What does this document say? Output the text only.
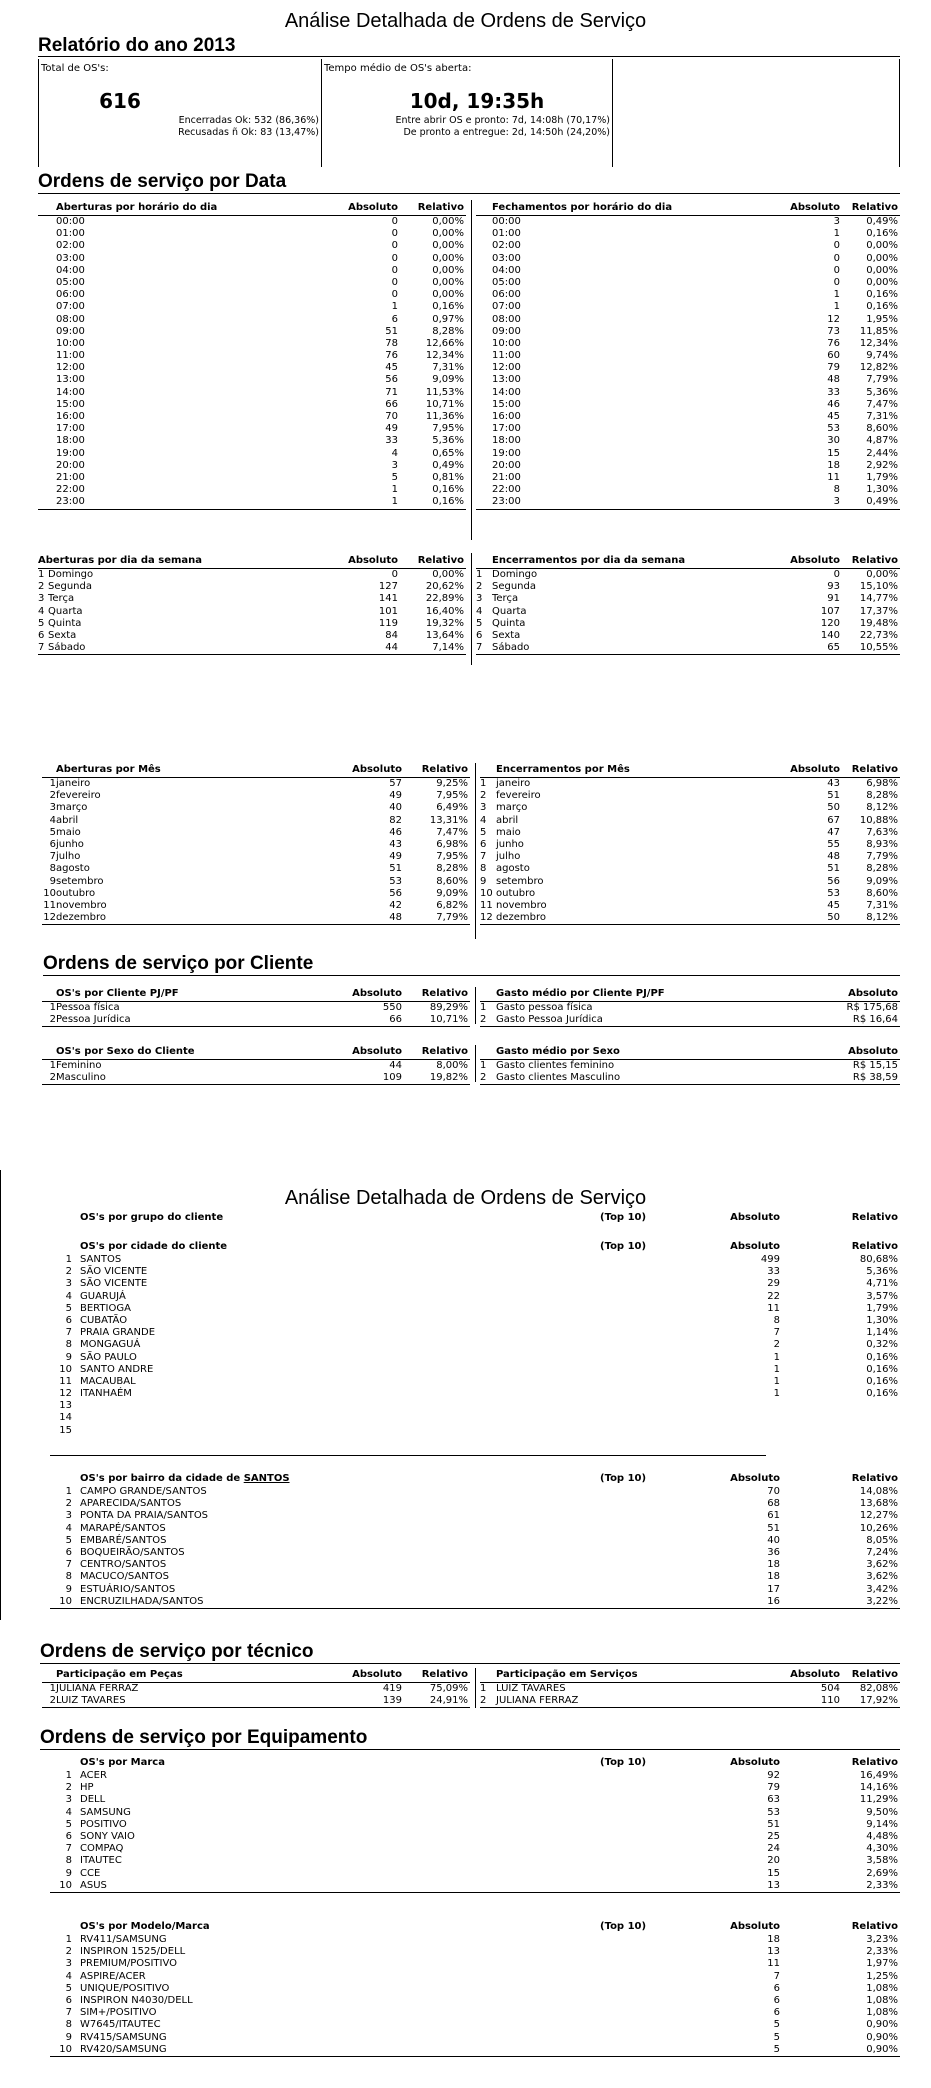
Análise Detalhada de Ordens de Serviço
Relatório do ano 2013
Total de OS's:
616
Encerradas Ok: 532 (86,36%)
Recusadas ñ Ok: 83 (13,47%)
Tempo médio de OS's aberta:
10d, 19:35h
Entre abrir OS e pronto: 7d, 14:08h (70,17%)
De pronto a entregue: 2d, 14:50h (24,20%)
Ordens de serviço por Data
Aberturas por horário do dia	Absoluto	Relativo
00:00	0	0,00%
01:00	0	0,00%
02:00	0	0,00%
03:00	0	0,00%
04:00	0	0,00%
05:00	0	0,00%
06:00	0	0,00%
07:00	1	0,16%
08:00	6	0,97%
09:00	51	8,28%
10:00	78	12,66%
11:00	76	12,34%
12:00	45	7,31%
13:00	56	9,09%
14:00	71	11,53%
15:00	66	10,71%
16:00	70	11,36%
17:00	49	7,95%
18:00	33	5,36%
19:00	4	0,65%
20:00	3	0,49%
21:00	5	0,81%
22:00	1	0,16%
23:00	1	0,16%
Fechamentos por horário do dia	Absoluto	Relativo
00:00	3	0,49%
01:00	1	0,16%
02:00	0	0,00%
03:00	0	0,00%
04:00	0	0,00%
05:00	0	0,00%
06:00	1	0,16%
07:00	1	0,16%
08:00	12	1,95%
09:00	73	11,85%
10:00	76	12,34%
11:00	60	9,74%
12:00	79	12,82%
13:00	48	7,79%
14:00	33	5,36%
15:00	46	7,47%
16:00	45	7,31%
17:00	53	8,60%
18:00	30	4,87%
19:00	15	2,44%
20:00	18	2,92%
21:00	11	1,79%
22:00	8	1,30%
23:00	3	0,49%
Aberturas por dia da semana	Absoluto	Relativo
1 Domingo	0	0,00%
2 Segunda	127	20,62%
3 Terça	141	22,89%
4 Quarta	101	16,40%
5 Quinta	119	19,32%
6 Sexta	84	13,64%
7 Sábado	44	7,14%
Encerramentos por dia da semana	Absoluto	Relativo
1 Domingo	0	0,00%
2 Segunda	93	15,10%
3 Terça	91	14,77%
4 Quarta	107	17,37%
5 Quinta	120	19,48%
6 Sexta	140	22,73%
7 Sábado	65	10,55%
Aberturas por Mês	Absoluto	Relativo
1 janeiro	57	9,25%
2 fevereiro	49	7,95%
3 março	40	6,49%
4 abril	82	13,31%
5 maio	46	7,47%
6 junho	43	6,98%
7 julho	49	7,95%
8 agosto	51	8,28%
9 setembro	53	8,60%
10 outubro	56	9,09%
11 novembro	42	6,82%
12 dezembro	48	7,79%
Encerramentos por Mês	Absoluto	Relativo
1 janeiro	43	6,98%
2 fevereiro	51	8,28%
3 março	50	8,12%
4 abril	67	10,88%
5 maio	47	7,63%
6 junho	55	8,93%
7 julho	48	7,79%
8 agosto	51	8,28%
9 setembro	56	9,09%
10 outubro	53	8,60%
11 novembro	45	7,31%
12 dezembro	50	8,12%
Ordens de serviço por Cliente
OS's por Cliente PJ/PF	Absoluto	Relativo
1 Pessoa física	550	89,29%
2 Pessoa Jurídica	66	10,71%
Gasto médio por Cliente PJ/PF	Absoluto
1 Gasto pessoa física	R$ 175,68
2 Gasto Pessoa Jurídica	R$ 16,64
OS's por Sexo do Cliente	Absoluto	Relativo
1 Feminino	44	8,00%
2 Masculino	109	19,82%
Gasto médio por Sexo	Absoluto
1 Gasto clientes feminino	R$ 15,15
2 Gasto clientes Masculino	R$ 38,59
Análise Detalhada de Ordens de Serviço
OS's por grupo do cliente	(Top 10)	Absoluto	Relativo
OS's por cidade do cliente	(Top 10)	Absoluto	Relativo
1 SANTOS	499	80,68%
2 SÃO VICENTE	33	5,36%
3 SÃO VICENTE	29	4,71%
4 GUARUJÁ	22	3,57%
5 BERTIOGA	11	1,79%
6 CUBATÃO	8	1,30%
7 PRAIA GRANDE	7	1,14%
8 MONGAGUÁ	2	0,32%
9 SÃO PAULO	1	0,16%
10 SANTO ANDRE	1	0,16%
11 MACAUBAL	1	0,16%
12 ITANHAÉM	1	0,16%
13
14
15
OS's por bairro da cidade de SANTOS	(Top 10)	Absoluto	Relativo
1 CAMPO GRANDE/SANTOS	70	14,08%
2 APARECIDA/SANTOS	68	13,68%
3 PONTA DA PRAIA/SANTOS	61	12,27%
4 MARAPÉ/SANTOS	51	10,26%
5 EMBARÉ/SANTOS	40	8,05%
6 BOQUEIRÃO/SANTOS	36	7,24%
7 CENTRO/SANTOS	18	3,62%
8 MACUCO/SANTOS	18	3,62%
9 ESTUÁRIO/SANTOS	17	3,42%
10 ENCRUZILHADA/SANTOS	16	3,22%
Ordens de serviço por técnico
Participação em Peças	Absoluto	Relativo
1 JULIANA FERRAZ	419	75,09%
2 LUIZ TAVARES	139	24,91%
Participação em Serviços	Absoluto	Relativo
1 LUIZ TAVARES	504	82,08%
2 JULIANA FERRAZ	110	17,92%
Ordens de serviço por Equipamento
OS's por Marca	(Top 10)	Absoluto	Relativo
1 ACER	92	16,49%
2 HP	79	14,16%
3 DELL	63	11,29%
4 SAMSUNG	53	9,50%
5 POSITIVO	51	9,14%
6 SONY VAIO	25	4,48%
7 COMPAQ	24	4,30%
8 ITAUTEC	20	3,58%
9 CCE	15	2,69%
10 ASUS	13	2,33%
OS's por Modelo/Marca	(Top 10)	Absoluto	Relativo
1 RV411/SAMSUNG	18	3,23%
2 INSPIRON 1525/DELL	13	2,33%
3 PREMIUM/POSITIVO	11	1,97%
4 ASPIRE/ACER	7	1,25%
5 UNIQUE/POSITIVO	6	1,08%
6 INSPIRON N4030/DELL	6	1,08%
7 SIM+/POSITIVO	6	1,08%
8 W7645/ITAUTEC	5	0,90%
9 RV415/SAMSUNG	5	0,90%
10 RV420/SAMSUNG	5	0,90%
